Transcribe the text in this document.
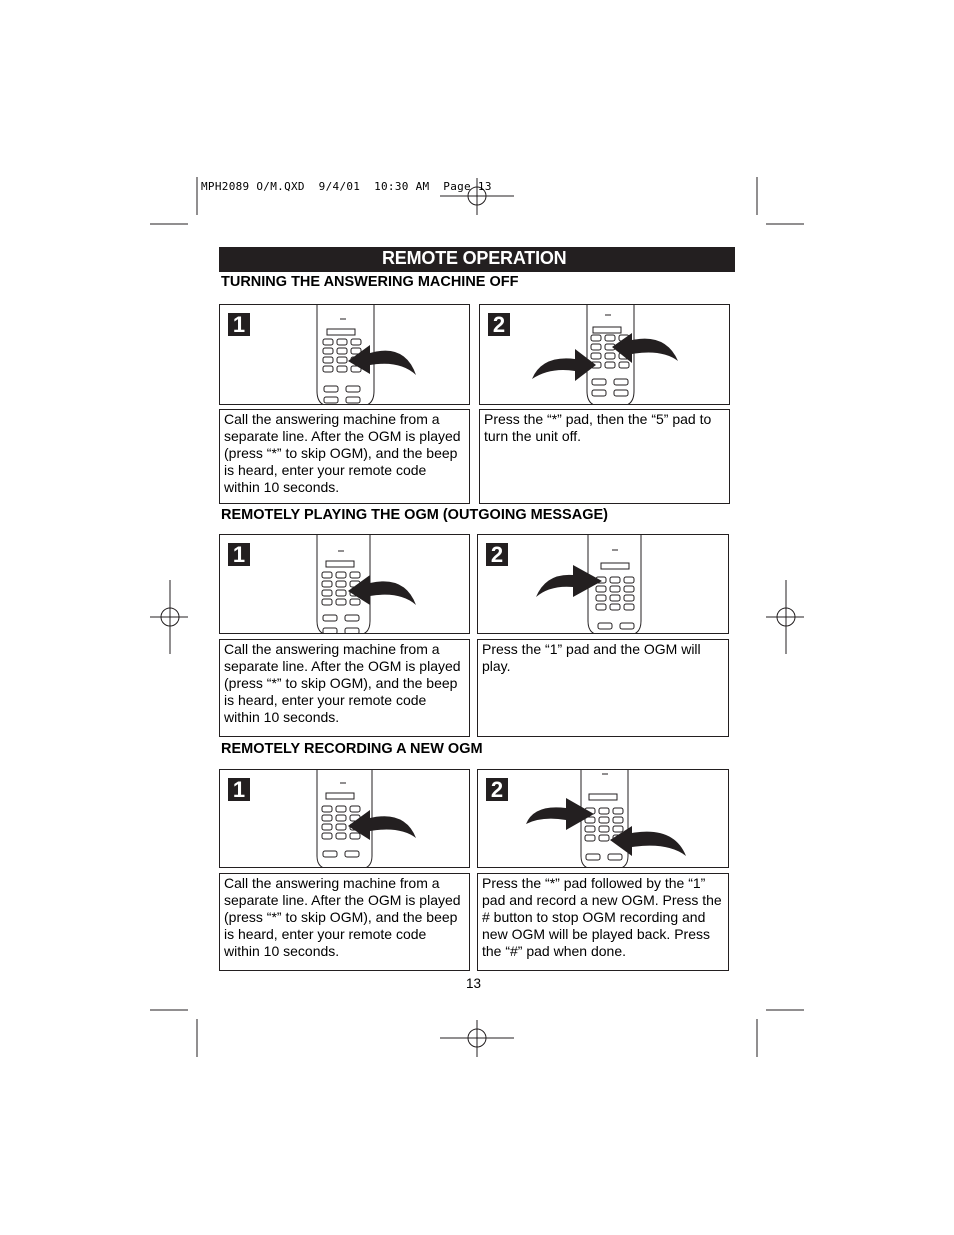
MPH2089 O/M.QXD  9/4/01  10:30 AM  Page 13
REMOTE OPERATION
TURNING THE ANSWERING MACHINE OFF
1	2
Call the answering machine from a separate line. After the OGM is played (press “*” to skip OGM), and the beep is heard, enter your remote code within 10 seconds.
Press the “*” pad, then the “5” pad to turn the unit off.
REMOTELY PLAYING THE OGM (OUTGOING MESSAGE)
1	2
Call the answering machine from a separate line. After the OGM is played (press “*” to skip OGM), and the beep is heard, enter your remote code within 10 seconds.
Press the “1” pad and the OGM will play.
REMOTELY RECORDING A NEW OGM
1	2
Call the answering machine from a separate line. After the OGM is played (press “*” to skip OGM), and the beep is heard, enter your remote code within 10 seconds.
Press the “*” pad followed by the “1” pad and record a new OGM. Press the # button to stop OGM recording and new OGM will be played back. Press the “#” pad when done.
13
